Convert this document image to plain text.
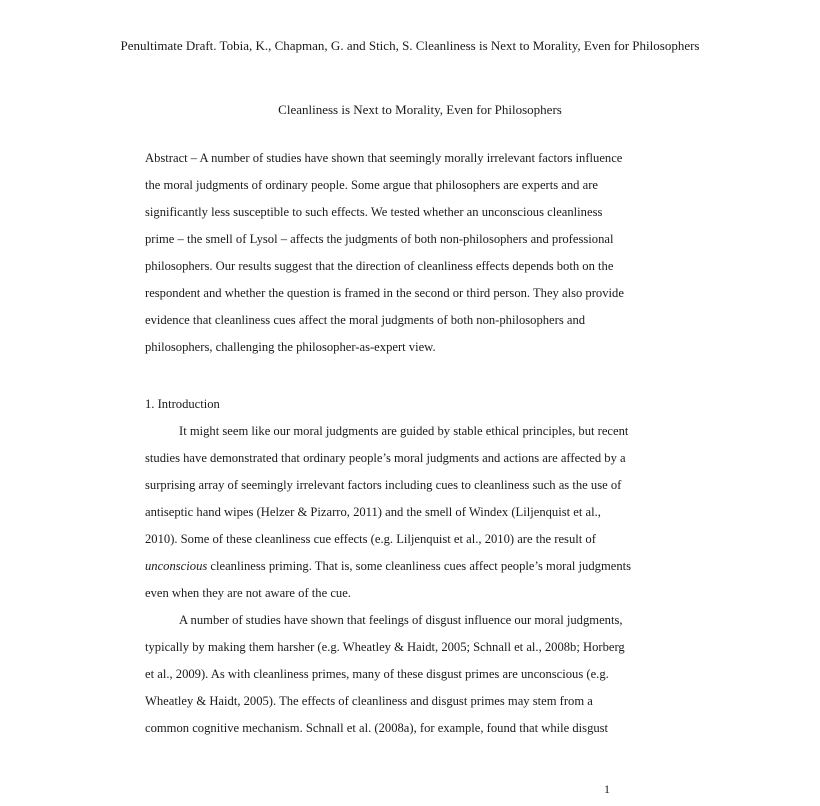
Penultimate Draft. Tobia, K., Chapman, G. and Stich, S. Cleanliness is Next to Morality, Even for Philosophers
Cleanliness is Next to Morality, Even for Philosophers
Abstract – A number of studies have shown that seemingly morally irrelevant factors influence
the moral judgments of ordinary people. Some argue that philosophers are experts and are
significantly less susceptible to such effects. We tested whether an unconscious cleanliness
prime – the smell of Lysol – affects the judgments of both non-philosophers and professional
philosophers. Our results suggest that the direction of cleanliness effects depends both on the
respondent and whether the question is framed in the second or third person. They also provide
evidence that cleanliness cues affect the moral judgments of both non-philosophers and
philosophers, challenging the philosopher-as-expert view.
1. Introduction
It might seem like our moral judgments are guided by stable ethical principles, but recent
studies have demonstrated that ordinary people’s moral judgments and actions are affected by a
surprising array of seemingly irrelevant factors including cues to cleanliness such as the use of
antiseptic hand wipes (Helzer & Pizarro, 2011) and the smell of Windex (Liljenquist et al.,
2010). Some of these cleanliness cue effects (e.g. Liljenquist et al., 2010) are the result of
unconscious cleanliness priming. That is, some cleanliness cues affect people’s moral judgments
even when they are not aware of the cue.
A number of studies have shown that feelings of disgust influence our moral judgments,
typically by making them harsher (e.g. Wheatley & Haidt, 2005; Schnall et al., 2008b; Horberg
et al., 2009). As with cleanliness primes, many of these disgust primes are unconscious (e.g.
Wheatley & Haidt, 2005). The effects of cleanliness and disgust primes may stem from a
common cognitive mechanism. Schnall et al. (2008a), for example, found that while disgust
1
